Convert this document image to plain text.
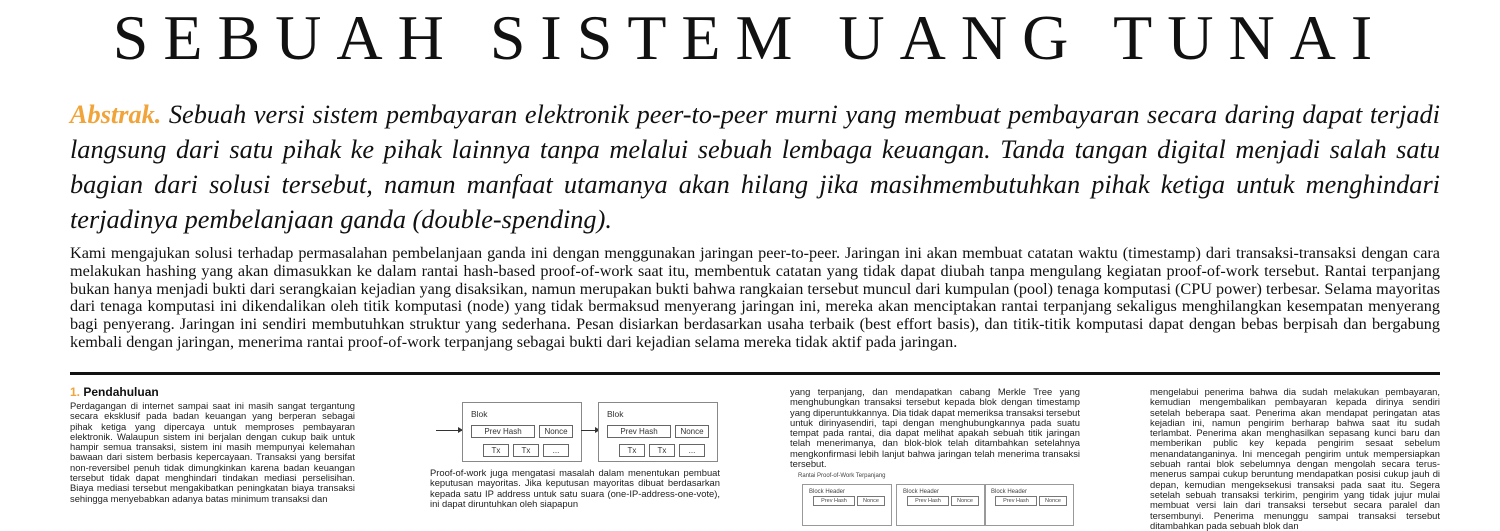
SEBUAH SISTEM UANG TUNAI
Abstrak. Sebuah versi sistem pembayaran elektronik peer-to-peer murni yang membuat pembayaran secara daring dapat terjadi langsung dari satu pihak ke pihak lainnya tanpa melalui sebuah lembaga keuangan. Tanda tangan digital menjadi salah satu bagian dari solusi tersebut, namun manfaat utamanya akan hilang jika masihmembutuhkan pihak ketiga untuk menghindari terjadinya pembelanjaan ganda (double-spending).
Kami mengajukan solusi terhadap permasalahan pembelanjaan ganda ini dengan menggunakan jaringan peer-to-peer. Jaringan ini akan membuat catatan waktu (timestamp) dari transaksi-transaksi dengan cara melakukan hashing yang akan dimasukkan ke dalam rantai hash-based proof-of-work saat itu, membentuk catatan yang tidak dapat diubah tanpa mengulang kegiatan proof-of-work tersebut. Rantai terpanjang bukan hanya menjadi bukti dari serangkaian kejadian yang disaksikan, namun merupakan bukti bahwa rangkaian tersebut muncul dari kumpulan (pool) tenaga komputasi (CPU power) terbesar. Selama mayoritas dari tenaga komputasi ini dikendalikan oleh titik komputasi (node) yang tidak bermaksud menyerang jaringan ini, mereka akan menciptakan rantai terpanjang sekaligus menghilangkan kesempatan menyerang bagi penyerang. Jaringan ini sendiri membutuhkan struktur yang sederhana. Pesan disiarkan berdasarkan usaha terbaik (best effort basis), dan titik-titik komputasi dapat dengan bebas berpisah dan bergabung kembali dengan jaringan, menerima rantai proof-of-work terpanjang sebagai bukti dari kejadian selama mereka tidak aktif pada jaringan.
1. Pendahuluan
Perdagangan di internet sampai saat ini masih sangat tergantung secara eksklusif pada badan keuangan yang berperan sebagai pihak ketiga yang dipercaya untuk memproses pembayaran elektronik. Walaupun sistem ini berjalan dengan cukup baik untuk hampir semua transaksi, sistem ini masih mempunyai kelemahan bawaan dari sistem berbasis kepercayaan. Transaksi yang bersifat non-reversibel penuh tidak dimungkinkan karena badan keuangan tersebut tidak dapat menghindari tindakan mediasi perselisihan. Biaya mediasi tersebut mengakibatkan peningkatan biaya transaksi sehingga menyebabkan adanya batas minimum transaksi dan
Blok
Prev Hash	Nonce
Tx	Tx	...
Blok
Prev Hash	Nonce
Tx	Tx	...
Proof-of-work juga mengatasi masalah dalam menentukan pembuat keputusan mayoritas. Jika keputusan mayoritas dibuat berdasarkan kepada satu IP address untuk satu suara (one-IP-address-one-vote), ini dapat diruntuhkan oleh siapapun
yang terpanjang, dan mendapatkan cabang Merkle Tree yang menghubungkan transaksi tersebut kepada blok dengan timestamp yang diperuntukkannya. Dia tidak dapat memeriksa transaksi tersebut untuk dirinyasendiri, tapi dengan menghubungkannya pada suatu tempat pada rantai, dia dapat melihat apakah sebuah titik jaringan telah menerimanya, dan blok-blok telah ditambahkan setelahnya mengkonfirmasi lebih lanjut bahwa jaringan telah menerima transaksi tersebut.
Rantai Proof-of-Work Terpanjang
Block Header
Prev Hash	Nonce
Block Header
Prev Hash	Nonce
Block Header
Prev Hash	Nonce
mengelabui penerima bahwa dia sudah melakukan pembayaran, kemudian mengembalikan pembayaran kepada dirinya sendiri setelah beberapa saat. Penerima akan mendapat peringatan atas kejadian ini, namun pengirim berharap bahwa saat itu sudah terlambat. Penerima akan menghasilkan sepasang kunci baru dan memberikan public key kepada pengirim sesaat sebelum menandatanganinya. Ini mencegah pengirim untuk mempersiapkan sebuah rantai blok sebelumnya dengan mengolah secara terus-menerus sampai cukup beruntung mendapatkan posisi cukup jauh di depan, kemudian mengeksekusi transaksi pada saat itu. Segera setelah sebuah transaksi terkirim, pengirim yang tidak jujur mulai membuat versi lain dari transaksi tersebut secara paralel dan tersembunyi. Penerima menunggu sampai transaksi tersebut ditambahkan pada sebuah blok dan
